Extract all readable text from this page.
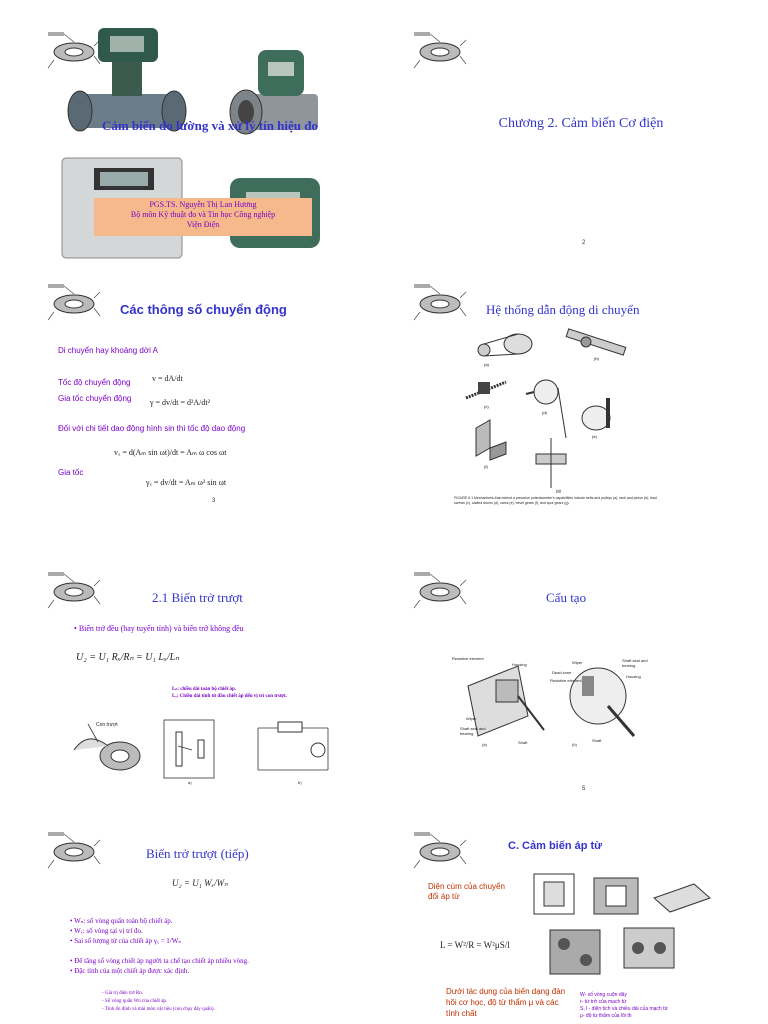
Cảm biến đo lường và xử lý tín hiệu đo
PGS.TS. Nguyễn Thị Lan Hương
Bộ môn Kỹ thuật đo và Tin học Công nghiệp
Viện Điện
Chương 2. Cảm biến Cơ điện
2
Các thông số chuyển động
Di chuyển hay khoảng dời A
Tốc độ chuyển động	v = dA/dt
Gia tốc chuyển động γ = dv/dt = d²A/dt²
Đối với chi tiết dao động hình sin thì tốc độ dao động
vₓ = d(Aₘ sin ωt)/dt = Aₘ ω cos ωt
Gia tốc
γₓ = dv/dt = Aₘ ω² sin ωt
3
Hệ thống dẫn động di chuyển
(a)
(b)
(c)
(d)
(e)
(f)
(g)
FIGURE 6.1 Mechanisms that extend a precision potentiometer's capabilities include belts and pulleys (a), rack and pinion (b), lead screws (c), cabled drums (d), cams (e), bevel gears (f), and spur gears (g).
2.1 Biến trở trượt
• Biến trở đều (hay tuyến tính) và biến trở không đều
U₂ = U₁ Rₓ/Rₙ = U₁ Lₓ/Lₙ
Lₙ: chiều dài toàn bộ chiết áp.
Lₓ: Chiều dài tính từ đầu chiết áp đến vị trí con trượt.
Con trượt
a)	b)
Cấu tạo
Resistive element
Housing
Wiper
Shaft seal and bearing
Shaft
Dead zone
Resistive element
Wiper	Shaft seal and bearing
Housing
Shaft
(a)	(b)
5
Biến trở trượt (tiếp)
U₂ = U₁ Wₓ/Wₙ
• Wₙ: số vòng quấn toàn bộ chiết áp.
• Wₓ: số vòng tại vị trí đo.
• Sai số lượng tử của chiết áp γₓ = 1/Wₙ
• Để tăng số vòng chiết áp người ta chế tạo chiết áp nhiều vòng.
• Đặc tính của một chiết áp được xác định.
- Giá trị điện trở Rn.
- Số vòng quấn Wn của chiết áp.
- Tính ổn định và mài mòn vật liệu (con chạy dây quấn).
C. Cảm biến áp từ
Diện cùm của chuyển đổi áp từ
L = W²/R = W²μS/l
Dưới tác dụng của biến dạng đàn hồi cơ học, độ từ thẩm μ và các tính chất
W- số vòng cuộn dây
r- từ trở của mạch từ
S, l - diện tích và chiều dài của mạch từ
μ- độ từ thẩm của lõi th
